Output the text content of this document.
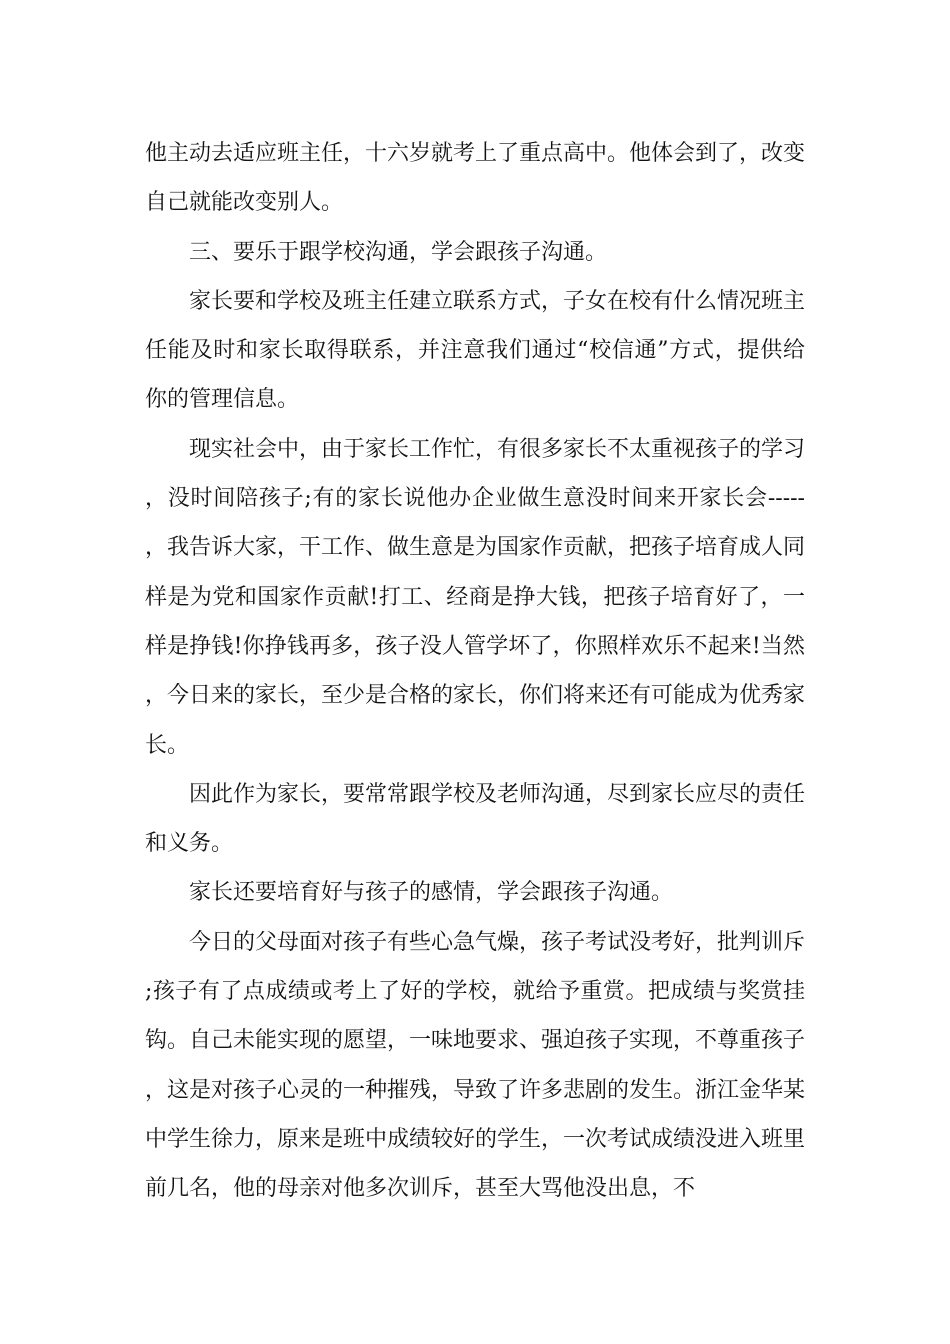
他主动去适应班主任，十六岁就考上了重点高中。他体会到了，改变自己就能改变别人。

三、要乐于跟学校沟通，学会跟孩子沟通。

家长要和学校及班主任建立联系方式，子女在校有什么情况班主任能及时和家长取得联系，并注意我们通过“校信通”方式，提供给你的管理信息。

现实社会中，由于家长工作忙，有很多家长不太重视孩子的学习，没时间陪孩子;有的家长说他办企业做生意没时间来开家长会-----，我告诉大家，干工作、做生意是为国家作贡献，把孩子培育成人同样是为党和国家作贡献!打工、经商是挣大钱，把孩子培育好了，一样是挣钱!你挣钱再多，孩子没人管学坏了，你照样欢乐不起来!当然，今日来的家长，至少是合格的家长，你们将来还有可能成为优秀家长。

因此作为家长，要常常跟学校及老师沟通，尽到家长应尽的责任和义务。

家长还要培育好与孩子的感情，学会跟孩子沟通。

今日的父母面对孩子有些心急气燥，孩子考试没考好，批判训斥;孩子有了点成绩或考上了好的学校，就给予重赏。把成绩与奖赏挂钩。自己未能实现的愿望，一味地要求、强迫孩子实现，不尊重孩子，这是对孩子心灵的一种摧残，导致了许多悲剧的发生。浙江金华某中学生徐力，原来是班中成绩较好的学生，一次考试成绩没进入班里前几名，他的母亲对他多次训斥，甚至大骂他没出息，不
